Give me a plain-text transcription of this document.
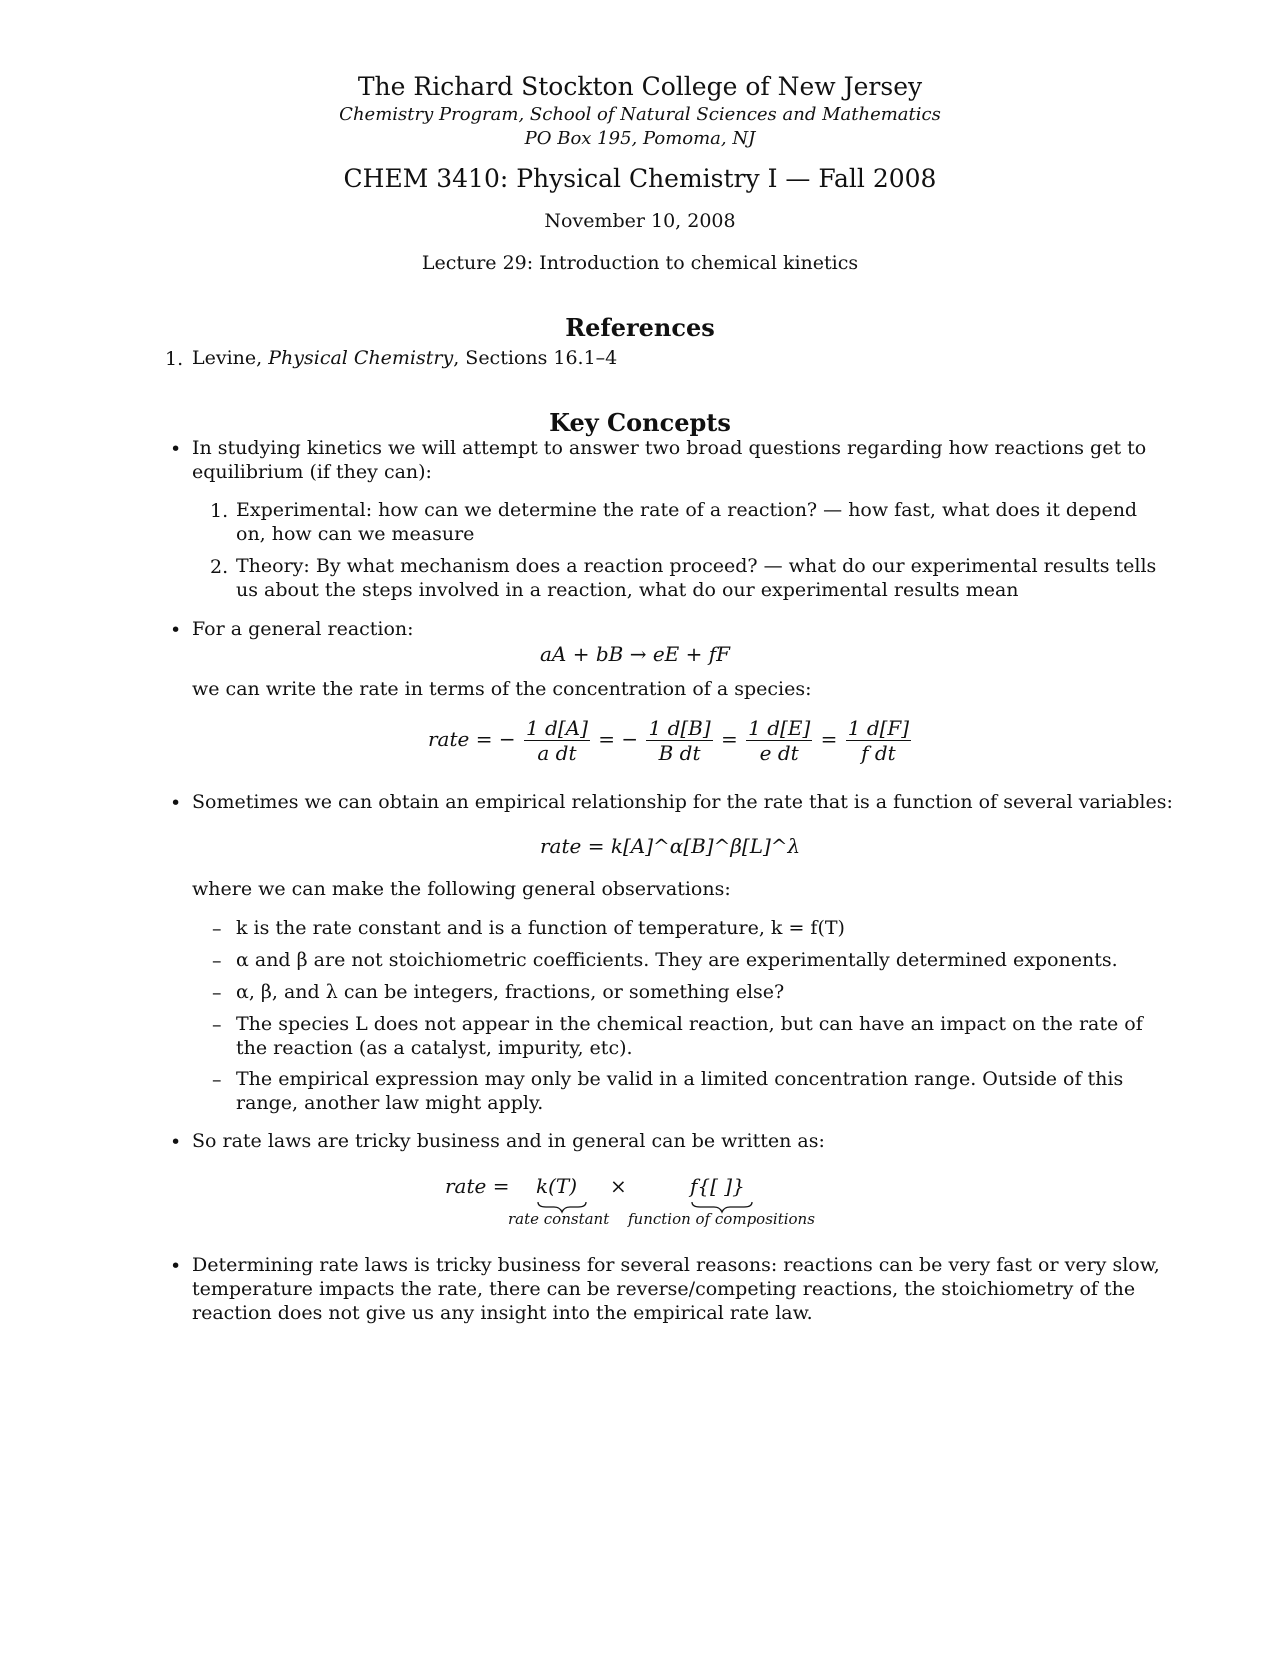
The Richard Stockton College of New Jersey
Chemistry Program, School of Natural Sciences and Mathematics
PO Box 195, Pomoma, NJ
CHEM 3410: Physical Chemistry I — Fall 2008
November 10, 2008
Lecture 29: Introduction to chemical kinetics
References
1. Levine, Physical Chemistry, Sections 16.1–4
Key Concepts
• In studying kinetics we will attempt to answer two broad questions regarding how reactions get to
equilibrium (if they can):
1. Experimental: how can we determine the rate of a reaction? — how fast, what does it depend
on, how can we measure
2. Theory: By what mechanism does a reaction proceed? — what do our experimental results tells
us about the steps involved in a reaction, what do our experimental results mean
• For a general reaction:
aA + bB → eE + fF
we can write the rate in terms of the concentration of a species:
rate = − $\frac{1 d[A]}{\text{a dt}}$ = − $\frac{1 d[B]}{\text{B dt}} = \frac{1 d[E]}{\text{e dt}} = \frac{1 d[F]}{\text{f dt}}$
• Sometimes we can obtain an empirical relationship for the rate that is a function of several variables:
rate = k[A]^α[B]^β[L]^λ
where we can make the following general observations:
– k is the rate constant and is a function of temperature, k = f(T)
– α and β are not stoichiometric coefficients. They are experimentally determined exponents.
– α, β, and λ can be integers, fractions, or something else?
– The species L does not appear in the chemical reaction, but can have an impact on the rate of
the reaction (as a catalyst, impurity, etc).
– The empirical expression may only be valid in a limited concentration range. Outside of this
range, another law might apply.
• So rate laws are tricky business and in general can be written as:
rate = k(T) ×	f{[ ]}
rate constant function of compositions
• Determining rate laws is tricky business for several reasons: reactions can be very fast or very slow,
temperature impacts the rate, there can be reverse/competing reactions, the stoichiometry of the
reaction does not give us any insight into the empirical rate law.
